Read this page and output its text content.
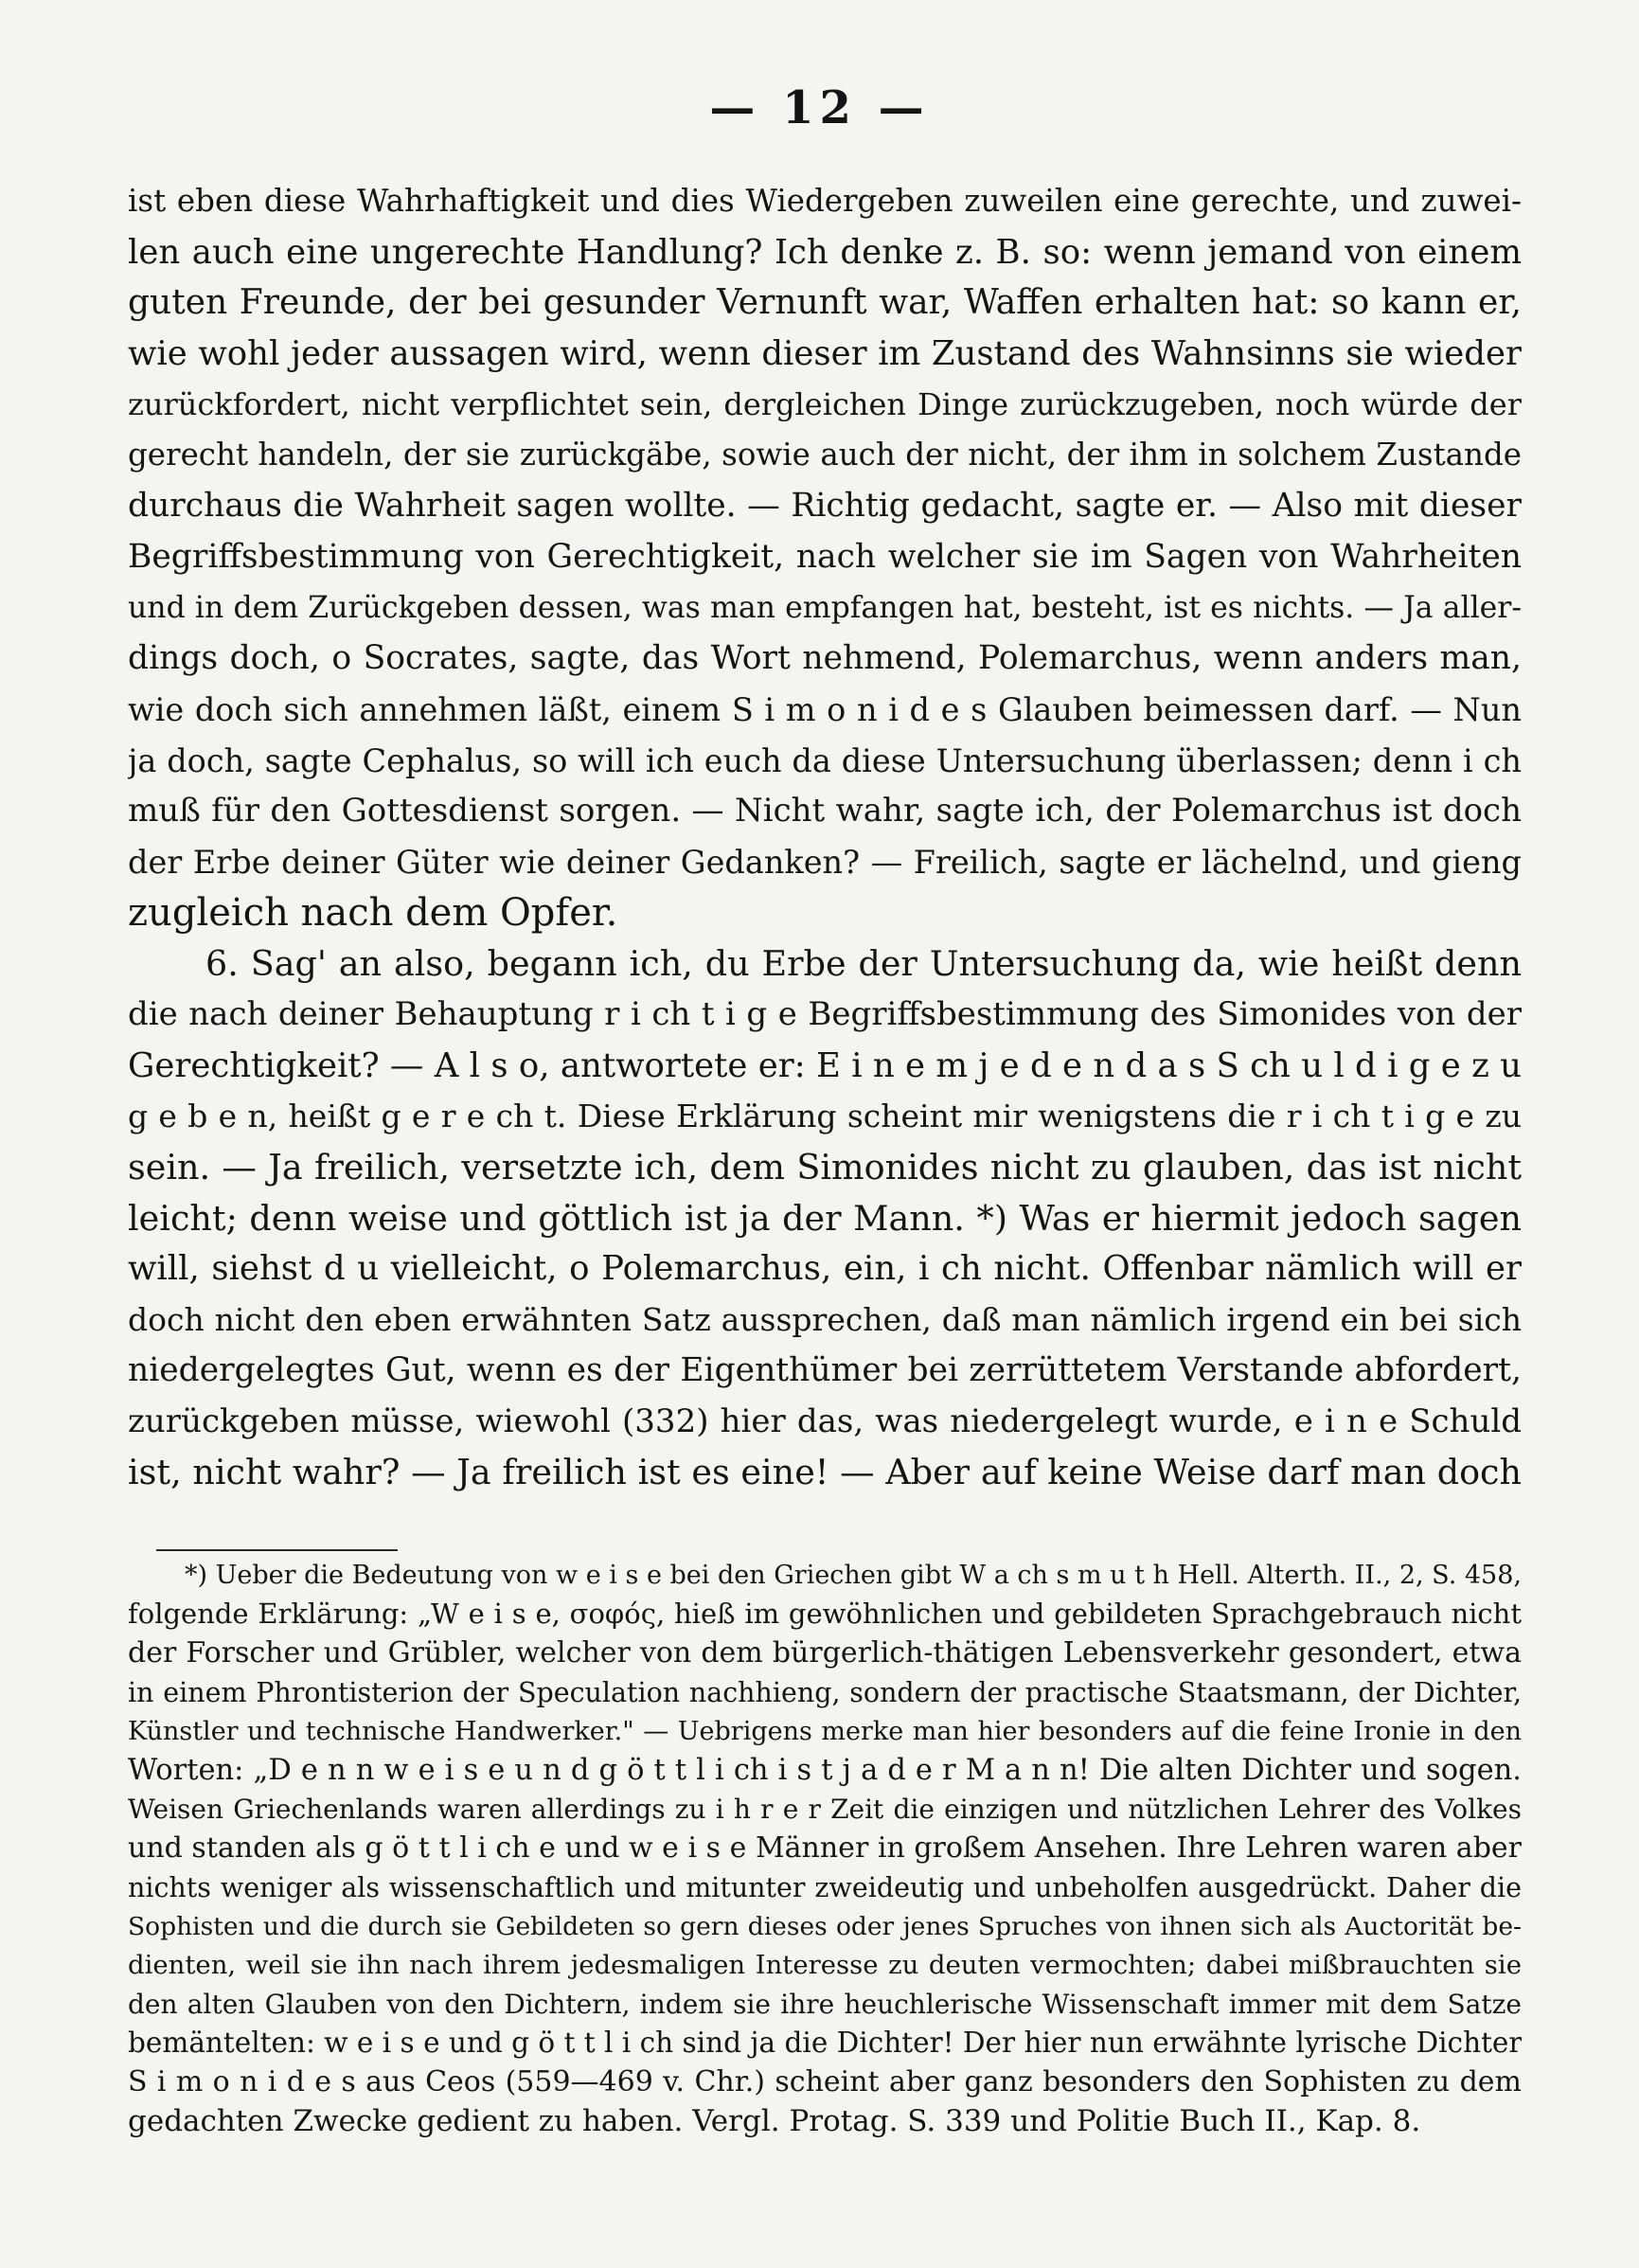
— 12 —
ist eben diese Wahrhaftigkeit und dies Wiedergeben zuweilen eine gerechte, und zuwei-
len auch eine ungerechte Handlung? Ich denke z. B. so: wenn jemand von einem
guten Freunde, der bei gesunder Vernunft war, Waffen erhalten hat: so kann er,
wie wohl jeder aussagen wird, wenn dieser im Zustand des Wahnsinns sie wieder
zurückfordert, nicht verpflichtet sein, dergleichen Dinge zurückzugeben, noch würde der
gerecht handeln, der sie zurückgäbe, sowie auch der nicht, der ihm in solchem Zustande
durchaus die Wahrheit sagen wollte. — Richtig gedacht, sagte er. — Also mit dieser
Begriffsbestimmung von Gerechtigkeit, nach welcher sie im Sagen von Wahrheiten
und in dem Zurückgeben dessen, was man empfangen hat, besteht, ist es nichts. — Ja aller-
dings doch, o Socrates, sagte, das Wort nehmend, Polemarchus, wenn anders man,
wie doch sich annehmen läßt, einem S i m o n i d e s Glauben beimessen darf. — Nun
ja doch, sagte Cephalus, so will ich euch da diese Untersuchung überlassen; denn i ch
muß für den Gottesdienst sorgen. — Nicht wahr, sagte ich, der Polemarchus ist doch
der Erbe deiner Güter wie deiner Gedanken? — Freilich, sagte er lächelnd, und gieng
zugleich nach dem Opfer.
6. Sag' an also, begann ich, du Erbe der Untersuchung da, wie heißt denn
die nach deiner Behauptung r i ch t i g e Begriffsbestimmung des Simonides von der
Gerechtigkeit? — A l s o, antwortete er: E i n e m j e d e n d a s S ch u l d i g e z u
g e b e n, heißt g e r e ch t. Diese Erklärung scheint mir wenigstens die r i ch t i g e zu
sein. — Ja freilich, versetzte ich, dem Simonides nicht zu glauben, das ist nicht
leicht; denn weise und göttlich ist ja der Mann. *) Was er hiermit jedoch sagen
will, siehst d u vielleicht, o Polemarchus, ein, i ch nicht. Offenbar nämlich will er
doch nicht den eben erwähnten Satz aussprechen, daß man nämlich irgend ein bei sich
niedergelegtes Gut, wenn es der Eigenthümer bei zerrüttetem Verstande abfordert,
zurückgeben müsse, wiewohl (332) hier das, was niedergelegt wurde, e i n e Schuld
ist, nicht wahr? — Ja freilich ist es eine! — Aber auf keine Weise darf man doch
*) Ueber die Bedeutung von w e i s e bei den Griechen gibt W a ch s m u t h Hell. Alterth. II., 2, S. 458,
folgende Erklärung: „W e i s e, σοφός, hieß im gewöhnlichen und gebildeten Sprachgebrauch nicht
der Forscher und Grübler, welcher von dem bürgerlich-thätigen Lebensverkehr gesondert, etwa
in einem Phrontisterion der Speculation nachhieng, sondern der practische Staatsmann, der Dichter,
Künstler und technische Handwerker." — Uebrigens merke man hier besonders auf die feine Ironie in den
Worten: „D e n n w e i s e u n d g ö t t l i ch i s t j a d e r M a n n! Die alten Dichter und sogen.
Weisen Griechenlands waren allerdings zu i h r e r Zeit die einzigen und nützlichen Lehrer des Volkes
und standen als g ö t t l i ch e und w e i s e Männer in großem Ansehen. Ihre Lehren waren aber
nichts weniger als wissenschaftlich und mitunter zweideutig und unbeholfen ausgedrückt. Daher die
Sophisten und die durch sie Gebildeten so gern dieses oder jenes Spruches von ihnen sich als Auctorität be-
dienten, weil sie ihn nach ihrem jedesmaligen Interesse zu deuten vermochten; dabei mißbrauchten sie
den alten Glauben von den Dichtern, indem sie ihre heuchlerische Wissenschaft immer mit dem Satze
bemäntelten: w e i s e und g ö t t l i ch sind ja die Dichter! Der hier nun erwähnte lyrische Dichter
S i m o n i d e s aus Ceos (559—469 v. Chr.) scheint aber ganz besonders den Sophisten zu dem
gedachten Zwecke gedient zu haben. Vergl. Protag. S. 339 und Politie Buch II., Kap. 8.
